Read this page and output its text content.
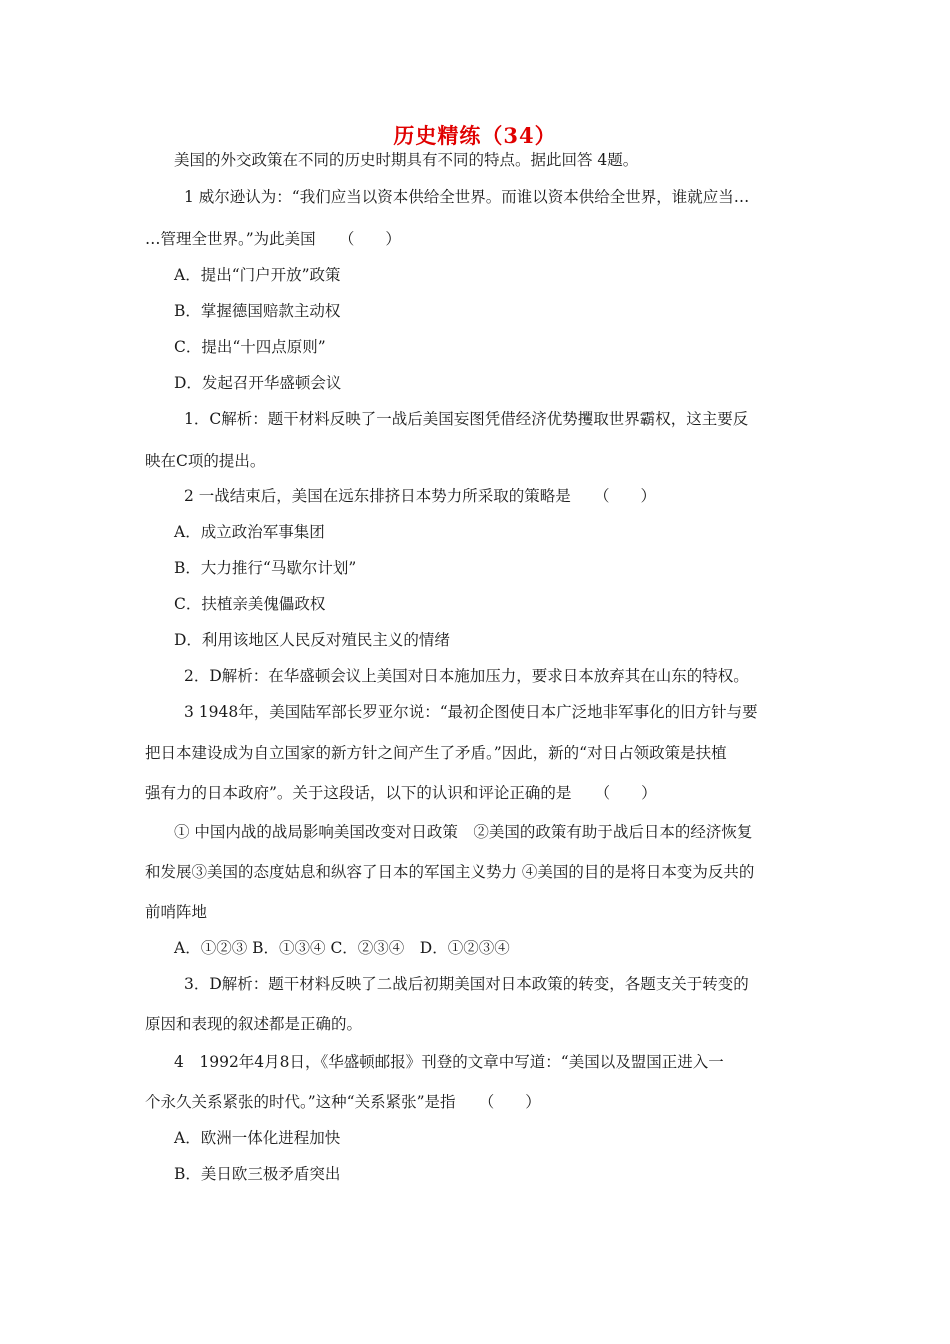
历史精练（34）
美国的外交政策在不同的历史时期具有不同的特点。据此回答 4题。
1 威尔逊认为：“我们应当以资本供给全世界。而谁以资本供给全世界，谁就应当…
…管理全世界。”为此美国　　（　　）
A．提出“门户开放”政策
B．掌握德国赔款主动权
C．提出“十四点原则”
D．发起召开华盛顿会议
1．C解析：题干材料反映了一战后美国妄图凭借经济优势攫取世界霸权，这主要反
映在C项的提出。
2 一战结束后，美国在远东排挤日本势力所采取的策略是　　（　　）
A．成立政治军事集团
B．大力推行“马歇尔计划”
C．扶植亲美傀儡政权
D．利用该地区人民反对殖民主义的情绪
2．D解析：在华盛顿会议上美国对日本施加压力，要求日本放弃其在山东的特权。
3 1948年，美国陆军部长罗亚尔说：“最初企图使日本广泛地非军事化的旧方针与要
把日本建设成为自立国家的新方针之间产生了矛盾。”因此，新的“对日占领政策是扶植
强有力的日本政府”。关于这段话，以下的认识和评论正确的是　　（　　）
① 中国内战的战局影响美国改变对日政策　②美国的政策有助于战后日本的经济恢复
和发展③美国的态度姑息和纵容了日本的军国主义势力 ④美国的目的是将日本变为反共的
前哨阵地
A．①②③ B．①③④ C．②③④　D．①②③④
3．D解析：题干材料反映了二战后初期美国对日本政策的转变，各题支关于转变的
原因和表现的叙述都是正确的。
4　1992年4月8日，《华盛顿邮报》刊登的文章中写道：“美国以及盟国正进入一
个永久关系紧张的时代。”这种“关系紧张”是指　　（　　）
A．欧洲一体化进程加快
B．美日欧三极矛盾突出
